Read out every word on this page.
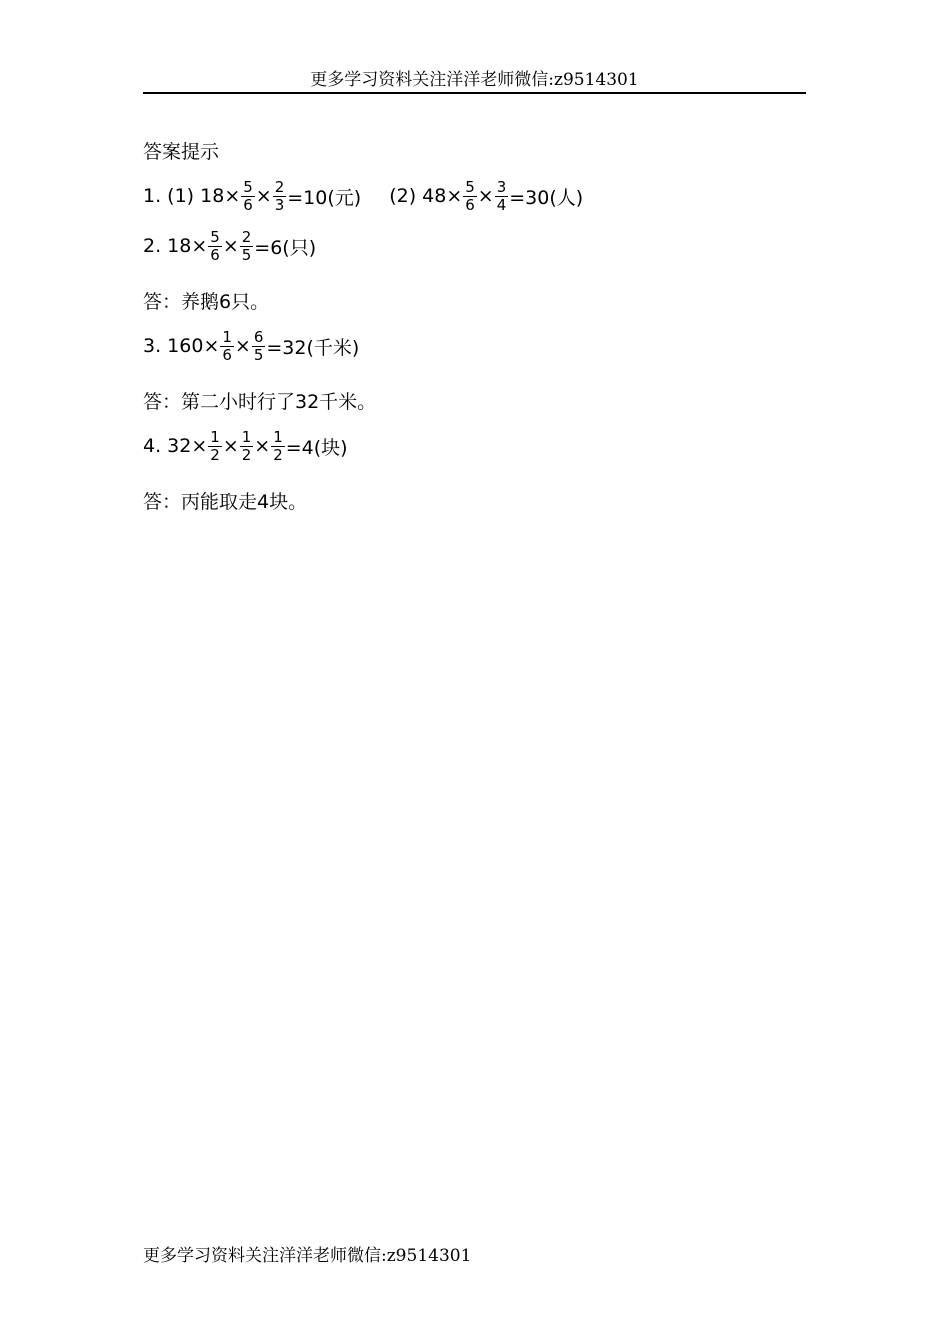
更多学习资料关注洋洋老师微信:z9514301
答案提示
1. (1) $18 \times \frac{5}{6} \times \frac{2}{3} =10$(元) (2) $48 \times \frac{5}{6} \times \frac{3}{4} =30$(人)
2. $18 \times \frac{5}{6} \times \frac{2}{5} =6$(只)
答：养鹅6只。
3. $160 \times \frac{1}{6} \times \frac{6}{5} =32$(千米)
答：第二小时行了32千米。
4. $32 \times \frac{1}{2} \times \frac{1}{2} \times \frac{1}{2} =4$(块)
答：丙能取走4块。
更多学习资料关注洋洋老师微信:z9514301
